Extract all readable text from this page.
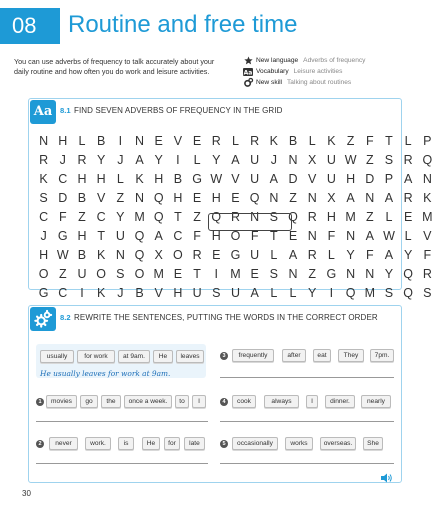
08	Routine and free time
You can use adverbs of frequency to talk accurately about your daily routine and how often you do work and leisure activities.
New language Adverbs of frequency
Aa Vocabulary Leisure activities
New skill Talking about routines
Aa	8.1 FIND SEVEN ADVERBS OF FREQUENCY IN THE GRID
N H L B	I	N E V E R L R K B L K Z F T L P
R J R Y J A Y	I	L Y A U J N X U W Z S R Q
K C H H L K H B G W V U A D V U H D P A N
S D B V Z N Q H E H E Q N Z N X A N A R K
C F Z C Y M Q T Z Q R N S Q R H M Z L E M
J G H T U Q A C F H O F T E N F N A W L V
H W B K N Q X O R E G U L A R L Y F A Y F
O Z U O S O M E T	I M E S N Z G N N Y Q R
G C	I	K J B V H U S U A L L Y	I	Q M S Q S
8.2 REWRITE THE SENTENCES, PUTTING THE WORDS IN THE CORRECT ORDER
He usually leaves for work at 9am.
usually	for work	at 9am.	He	leaves
1	movies	go	the	once a week.	to	I
2	never	work.	is	He	for	late
3	frequently	after	eat	They	7pm.
4	cook	always	I	dinner.	nearly
5	occasionally	works	overseas.	She
30
